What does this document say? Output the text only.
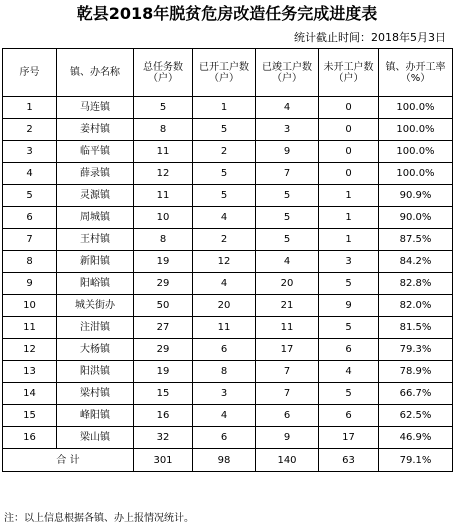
乾县2018年脱贫危房改造任务完成进度表
统计截止时间：2018年5月3日
序号	镇、办名称	总任务数（户）	已开工户数（户）	已竣工户数（户）	未开工户数（户）	镇、办开工率（%）
1	马连镇	5	1	4	0	100.0%
2	姜村镇	8	5	3	0	100.0%
3	临平镇	11	2	9	0	100.0%
4	薛录镇	12	5	7	0	100.0%
5	灵源镇	11	5	5	1	90.9%
6	周城镇	10	4	5	1	90.0%
7	王村镇	8	2	5	1	87.5%
8	新阳镇	19	12	4	3	84.2%
9	阳峪镇	29	4	20	5	82.8%
10	城关街办	50	20	21	9	82.0%
11	注泔镇	27	11	11	5	81.5%
12	大杨镇	29	6	17	6	79.3%
13	阳洪镇	19	8	7	4	78.9%
14	梁村镇	15	3	7	5	66.7%
15	峰阳镇	16	4	6	6	62.5%
16	梁山镇	32	6	9	17	46.9%
合 计		301	98	140	63	79.1%
注：以上信息根据各镇、办上报情况统计。
